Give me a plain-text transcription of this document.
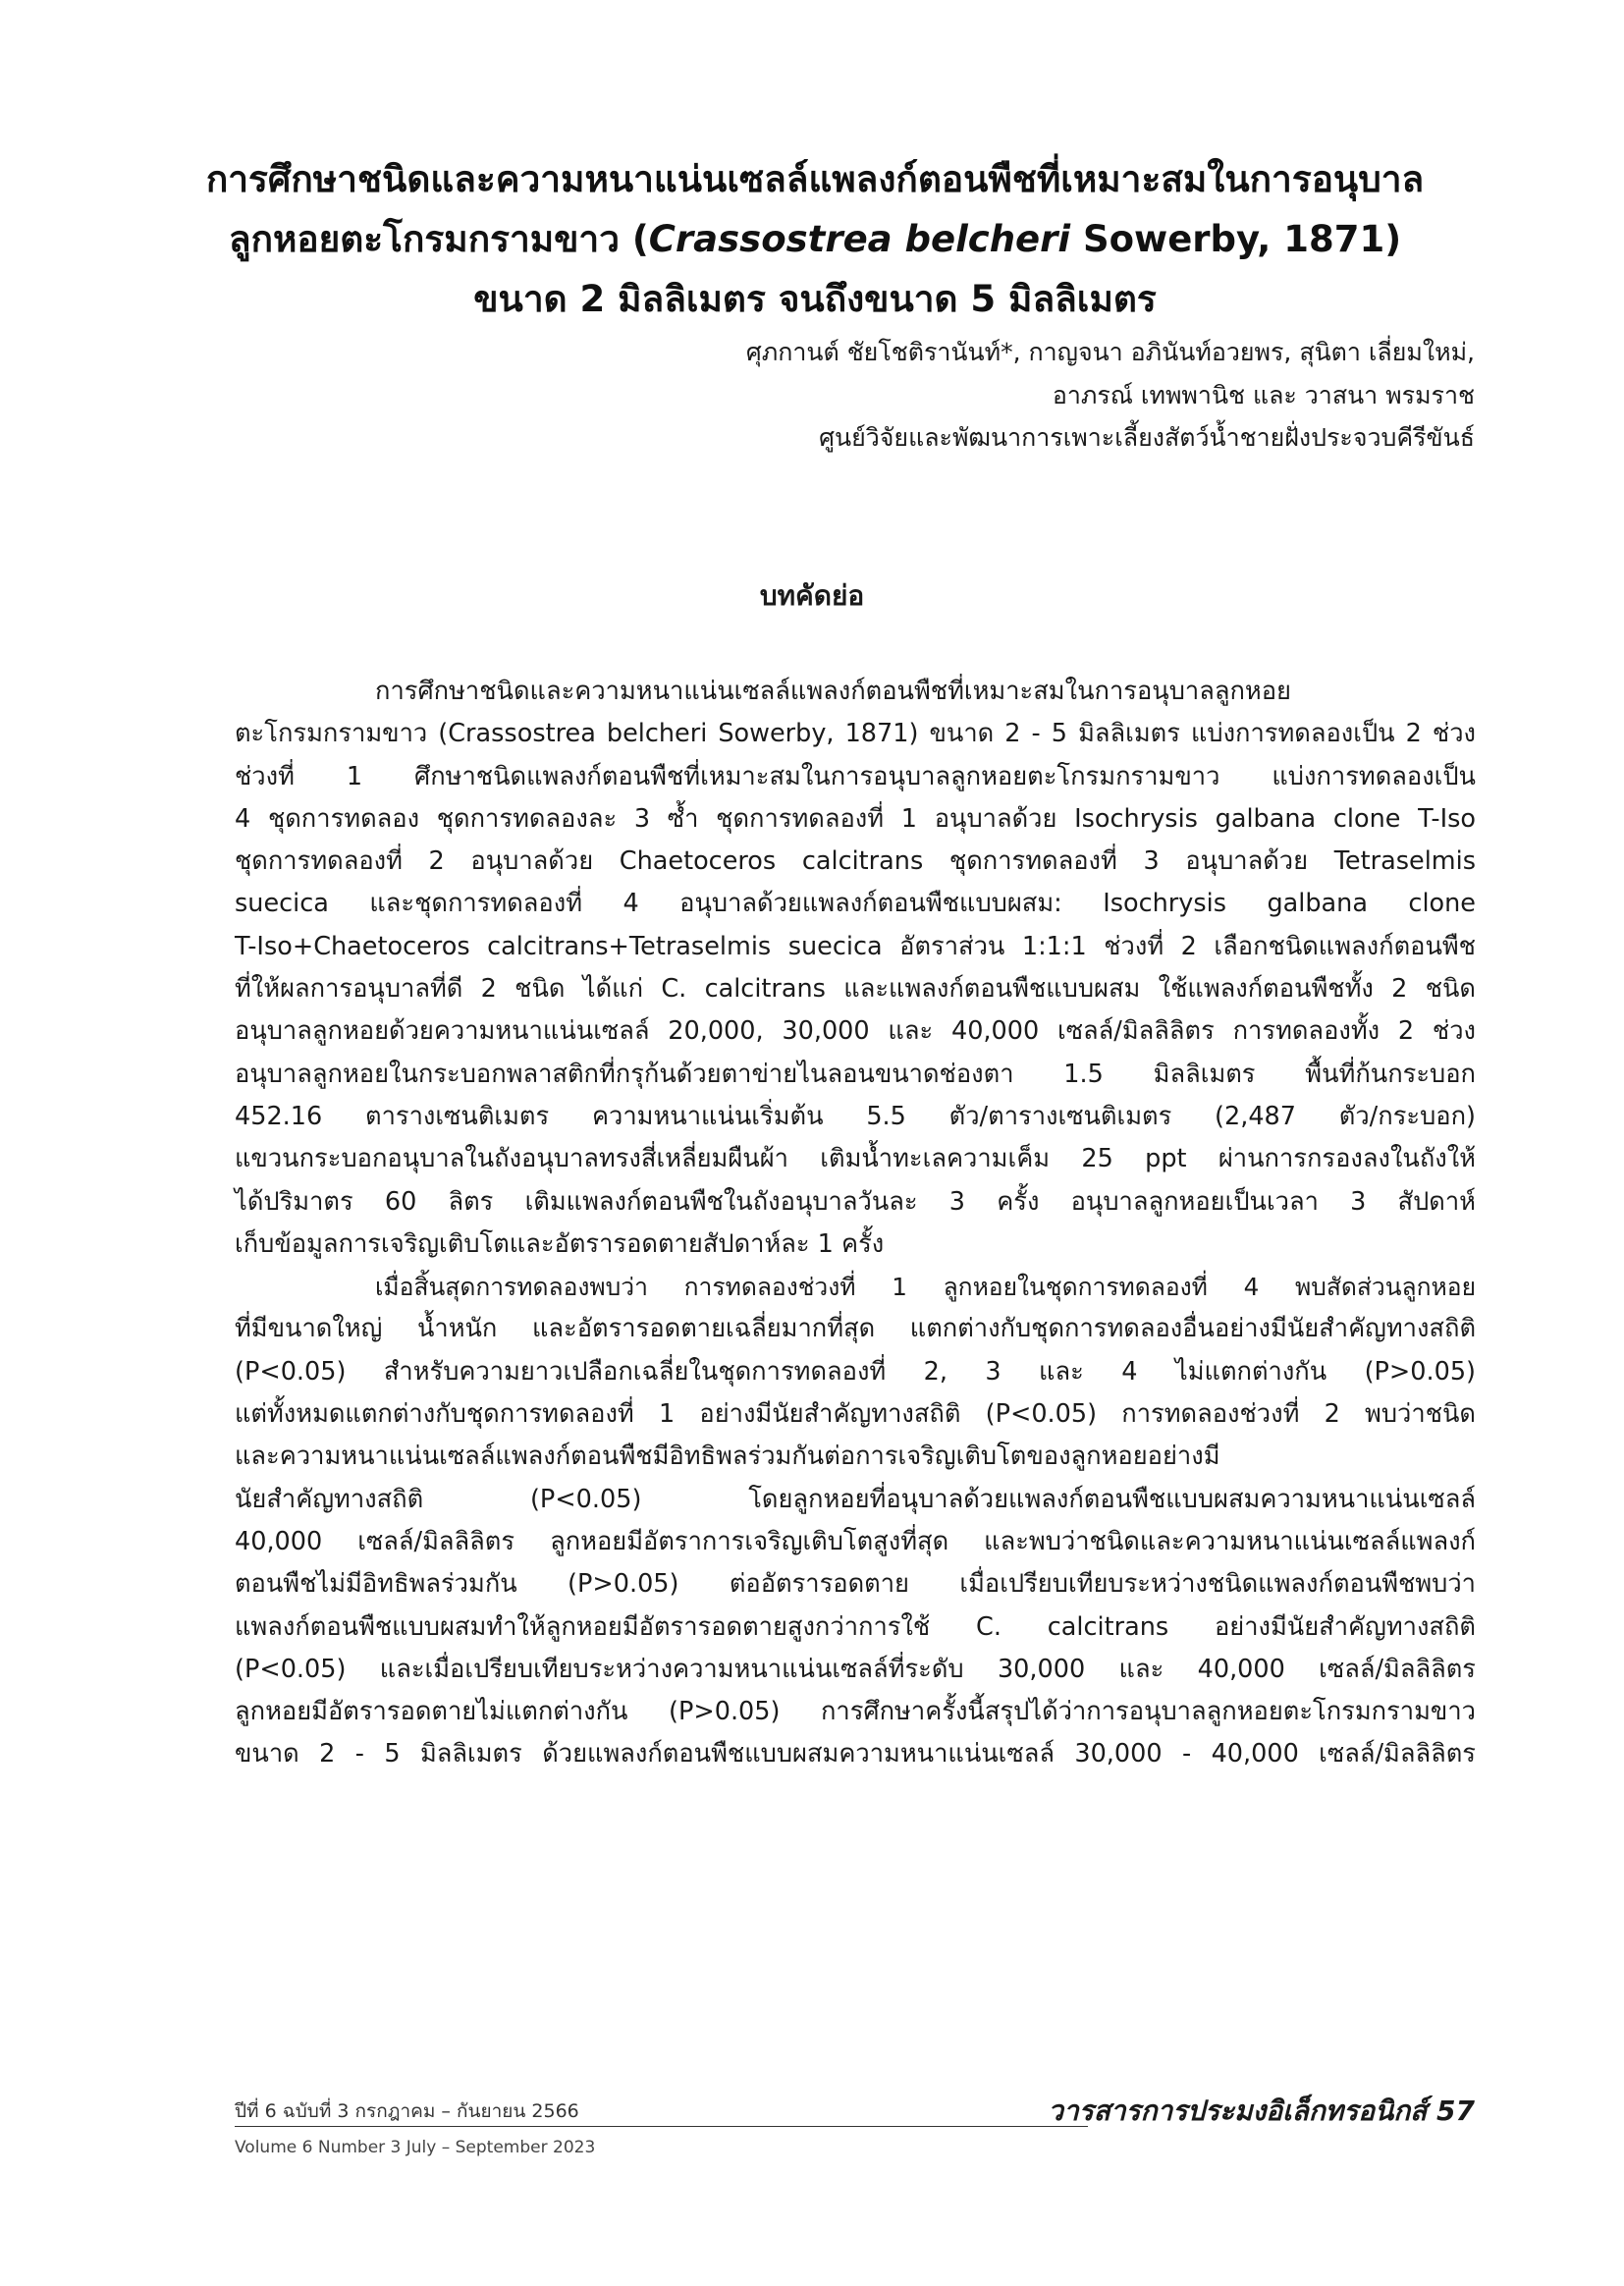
การศึกษาชนิดและความหนาแน่นเซลล์แพลงก์ตอนพืชที่เหมาะสมในการอนุบาล
ลูกหอยตะโกรมกรามขาว (Crassostrea belcheri Sowerby, 1871)
ขนาด 2 มิลลิเมตร จนถึงขนาด 5 มิลลิเมตร
ศุภกานต์ ชัยโชติรานันท์*, กาญจนา อภินันท์อวยพร, สุนิตา เลี่ยมใหม่,
อาภรณ์ เทพพานิช และ วาสนา พรมราช
ศูนย์วิจัยและพัฒนาการเพาะเลี้ยงสัตว์น้ำชายฝั่งประจวบคีรีขันธ์
บทคัดย่อ

การศึกษาชนิดและความหนาแน่นเซลล์แพลงก์ตอนพืชที่เหมาะสมในการอนุบาลลูกหอย
ตะโกรมกรามขาว (Crassostrea belcheri Sowerby, 1871) ขนาด 2 - 5 มิลลิเมตร แบ่งการทดลองเป็น 2 ช่วง
ช่วงที่ 1 ศึกษาชนิดแพลงก์ตอนพืชที่เหมาะสมในการอนุบาลลูกหอยตะโกรมกรามขาว แบ่งการทดลองเป็น
4 ชุดการทดลอง ชุดการทดลองละ 3 ซ้ำ ชุดการทดลองที่ 1 อนุบาลด้วย Isochrysis galbana clone T-Iso
ชุดการทดลองที่ 2 อนุบาลด้วย Chaetoceros calcitrans ชุดการทดลองที่ 3 อนุบาลด้วย Tetraselmis
suecica และชุดการทดลองที่ 4 อนุบาลด้วยแพลงก์ตอนพืชแบบผสม: Isochrysis galbana clone
T-Iso+Chaetoceros calcitrans+Tetraselmis suecica อัตราส่วน 1:1:1 ช่วงที่ 2 เลือกชนิดแพลงก์ตอนพืช
ที่ให้ผลการอนุบาลที่ดี 2 ชนิด ได้แก่ C. calcitrans และแพลงก์ตอนพืชแบบผสม ใช้แพลงก์ตอนพืชทั้ง 2 ชนิด
อนุบาลลูกหอยด้วยความหนาแน่นเซลล์ 20,000, 30,000 และ 40,000 เซลล์/มิลลิลิตร การทดลองทั้ง 2 ช่วง
อนุบาลลูกหอยในกระบอกพลาสติกที่กรุก้นด้วยตาข่ายไนลอนขนาดช่องตา 1.5 มิลลิเมตร พื้นที่ก้นกระบอก
452.16 ตารางเซนติเมตร ความหนาแน่นเริ่มต้น 5.5 ตัว/ตารางเซนติเมตร (2,487 ตัว/กระบอก)
แขวนกระบอกอนุบาลในถังอนุบาลทรงสี่เหลี่ยมผืนผ้า เติมน้ำทะเลความเค็ม 25 ppt ผ่านการกรองลงในถังให้
ได้ปริมาตร 60 ลิตร เติมแพลงก์ตอนพืชในถังอนุบาลวันละ 3 ครั้ง อนุบาลลูกหอยเป็นเวลา 3 สัปดาห์
เก็บข้อมูลการเจริญเติบโตและอัตรารอดตายสัปดาห์ละ 1 ครั้ง

เมื่อสิ้นสุดการทดลองพบว่า การทดลองช่วงที่ 1 ลูกหอยในชุดการทดลองที่ 4 พบสัดส่วนลูกหอย
ที่มีขนาดใหญ่ น้ำหนัก และอัตรารอดตายเฉลี่ยมากที่สุด แตกต่างกับชุดการทดลองอื่นอย่างมีนัยสำคัญทางสถิติ
(P<0.05) สำหรับความยาวเปลือกเฉลี่ยในชุดการทดลองที่ 2, 3 และ 4 ไม่แตกต่างกัน (P>0.05)
แต่ทั้งหมดแตกต่างกับชุดการทดลองที่ 1 อย่างมีนัยสำคัญทางสถิติ (P<0.05) การทดลองช่วงที่ 2 พบว่าชนิด
และความหนาแน่นเซลล์แพลงก์ตอนพืชมีอิทธิพลร่วมกันต่อการเจริญเติบโตของลูกหอยอย่างมี
นัยสำคัญทางสถิติ (P<0.05) โดยลูกหอยที่อนุบาลด้วยแพลงก์ตอนพืชแบบผสมความหนาแน่นเซลล์
40,000 เซลล์/มิลลิลิตร ลูกหอยมีอัตราการเจริญเติบโตสูงที่สุด และพบว่าชนิดและความหนาแน่นเซลล์แพลงก์
ตอนพืชไม่มีอิทธิพลร่วมกัน (P>0.05) ต่ออัตรารอดตาย เมื่อเปรียบเทียบระหว่างชนิดแพลงก์ตอนพืชพบว่า
แพลงก์ตอนพืชแบบผสมทำให้ลูกหอยมีอัตรารอดตายสูงกว่าการใช้ C. calcitrans อย่างมีนัยสำคัญทางสถิติ
(P<0.05) และเมื่อเปรียบเทียบระหว่างความหนาแน่นเซลล์ที่ระดับ 30,000 และ 40,000 เซลล์/มิลลิลิตร
ลูกหอยมีอัตรารอดตายไม่แตกต่างกัน (P>0.05) การศึกษาครั้งนี้สรุปได้ว่าการอนุบาลลูกหอยตะโกรมกรามขาว
ขนาด 2 - 5 มิลลิเมตร ด้วยแพลงก์ตอนพืชแบบผสมความหนาแน่นเซลล์ 30,000 - 40,000 เซลล์/มิลลิลิตร

ปีที่ 6 ฉบับที่ 3 กรกฎาคม – กันยายน 2566
Volume 6 Number 3 July – September 2023
วารสารการประมงอิเล็กทรอนิกส์ 57
